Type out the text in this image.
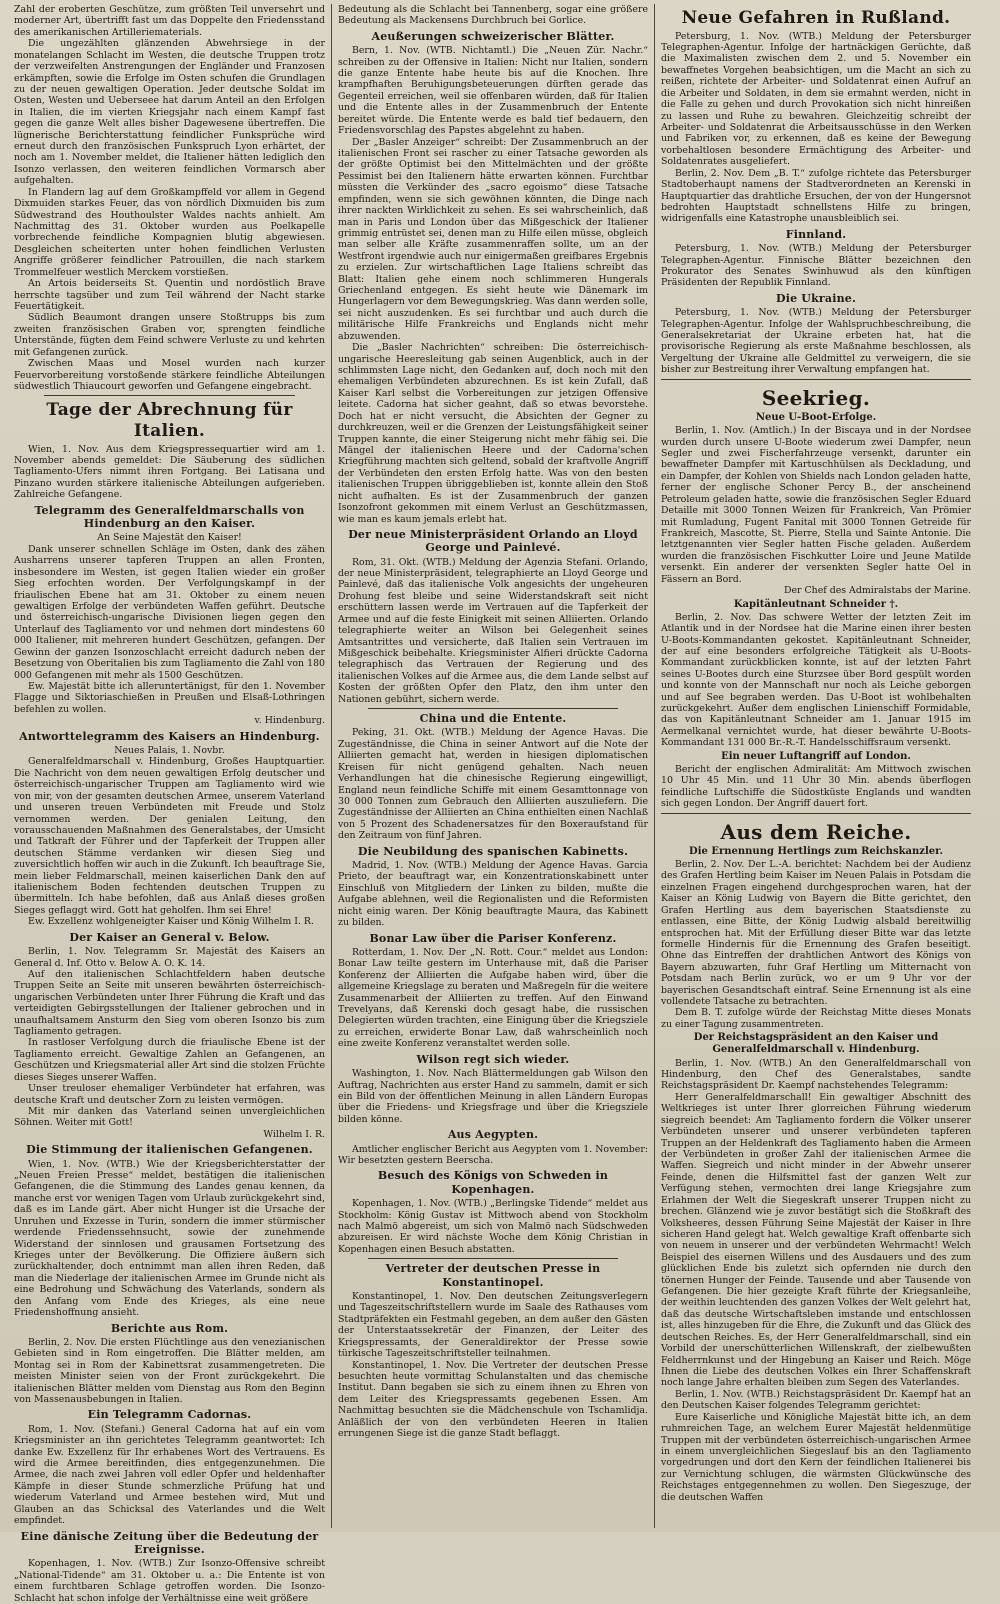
Zahl der eroberten Geschütze, zum größten Teil unversehrt und moderner Art, übertrifft fast um das Doppelte den Friedensstand des amerikanischen Artilleriematerials.

Die ungezählten glänzenden Abwehrsiege in der monatelangen Schlacht im Westen, die deutsche Truppen trotz der verzweifelten Anstrengungen der Engländer und Franzosen erkämpften, sowie die Erfolge im Osten schufen die Grundlagen zu der neuen gewaltigen Operation. Jeder deutsche Soldat im Osten, Westen und Ueberseee hat darum Anteil an den Erfolgen in Italien, die im vierten Kriegsjahr nach einem Kampf fast gegen die ganze Welt alles bisher Dagewesene übertreffen. Die lügnerische Berichterstattung feindlicher Funksprüche wird erneut durch den französischen Funkspruch Lyon erhärtet, der noch am 1. November meldet, die Italiener hätten lediglich den Isonzo verlassen, den weiteren feindlichen Vormarsch aber aufgehalten.

In Flandern lag auf dem Großkampffeld vor allem in Gegend Dixmuiden starkes Feuer, das von nördlich Dixmuiden bis zum Südwestrand des Houthoulster Waldes nachts anhielt. Am Nachmittag des 31. Oktober wurden aus Poelkapelle vorbrechende feindliche Kompagnien blutig abgewiesen. Desgleichen scheiterten unter hohen feindlichen Verlusten Angriffe größerer feindlicher Patrouillen, die nach starkem Trommelfeuer westlich Merckem vorstießen.

An Artois beiderseits St. Quentin und nordöstlich Brave herrschte tagsüber und zum Teil während der Nacht starke Feuertätigkeit.

Südlich Beaumont drangen unsere Stoßtrupps bis zum zweiten französischen Graben vor, sprengten feindliche Unterstände, fügten dem Feind schwere Verluste zu und kehrten mit Gefangenen zurück.

Zwischen Maas und Mosel wurden nach kurzer Feuervorbereitung vorstoßende stärkere feindliche Abteilungen südwestlich Thiaucourt geworfen und Gefangene eingebracht.

Tage der Abrechnung für Italien.

Wien, 1. Nov. Aus dem Kriegspressequartier wird am 1. November abends gemeldet: Die Säuberung des südlichen Tagliamento-Ufers nimmt ihren Fortgang. Bei Latisana und Pinzano wurden stärkere italienische Abteilungen aufgerieben. Zahlreiche Gefangene.

Telegramm des Generalfeldmarschalls von Hindenburg an den Kaiser.

An Seine Majestät den Kaiser!

Dank unserer schnellen Schläge im Osten, dank des zähen Ausharrens unserer tapferen Truppen an allen Fronten, insbesondere im Westen, ist gegen Italien wieder ein großer Sieg erfochten worden. Der Verfolgungskampf in der friaulischen Ebene hat am 31. Oktober zu einem neuen gewaltigen Erfolge der verbündeten Waffen geführt. Deutsche und österreichisch-ungarische Divisionen liegen gegen den Unterlauf des Tagliamento vor und nehmen dort mindestens 60 000 Italiener, mit mehreren hundert Geschützen, gefangen. Der Gewinn der ganzen Isonzoschlacht erreicht dadurch neben der Besetzung von Oberitalien bis zum Tagliamento die Zahl von 180 000 Gefangenen mit mehr als 1500 Geschützen.

Ew. Majestät bitte ich alleruntertänigst, für den 1. November Flagge und Siktoriaschießen in Preußen und Elsaß-Lothringen befehlen zu wollen.

v. Hindenburg.

Antworttelegramm des Kaisers an Hindenburg.

Neues Palais, 1. Novbr.

Generalfeldmarschall v. Hindenburg, Großes Hauptquartier. Die Nachricht von dem neuen gewaltigen Erfolg deutscher und österreichisch-ungarischer Truppen am Tagliamento wird wie von mir, von der gesamten deutschen Armee, unserem Vaterland und unseren treuen Verbündeten mit Freude und Stolz vernommen werden. Der genialen Leitung, den vorausschauenden Maßnahmen des Generalstabes, der Umsicht und Tatkraft der Führer und der Tapferkeit der Truppen aller deutschen Stämme verdanken wir diesen Sieg und zuversichtlich hoffen wir auch in die Zukunft. Ich beauftrage Sie, mein lieber Feldmarschall, meinen kaiserlichen Dank den auf italienischem Boden fechtenden deutschen Truppen zu übermitteln. Ich habe befohlen, daß aus Anlaß dieses großen Sieges geflaggt wird. Gott hat geholfen. Ihm sei Ehre!

Ew. Exzellenz wohlgeneigter Kaiser und König Wilhelm I. R.

Der Kaiser an General v. Below.

Berlin, 1. Nov. Telegramm Sr. Majestät des Kaisers an General d. Inf. Otto v. Below A. O. K. 14.

Auf den italienischen Schlachtfeldern haben deutsche Truppen Seite an Seite mit unseren bewährten österreichisch-ungarischen Verbündeten unter Ihrer Führung die Kraft und das verteidigten Gebirgsstellungen der Italiener gebrochen und in unaufhaltsamem Ansturm den Sieg vom oberen Isonzo bis zum Tagliamento getragen.

In rastloser Verfolgung durch die friaulische Ebene ist der Tagliamento erreicht. Gewaltige Zahlen an Gefangenen, an Geschützen und Kriegsmaterial aller Art sind die stolzen Früchte dieses Sieges unserer Waffen.

Unser treuloser ehemaliger Verbündeter hat erfahren, was deutsche Kraft und deutscher Zorn zu leisten vermögen.

Mit mir danken das Vaterland seinen unvergleichlichen Söhnen. Weiter mit Gott!

Wilhelm I. R.

Die Stimmung der italienischen Gefangenen.

Wien, 1. Nov. (WTB.) Wie der Kriegsberichterstatter der „Neuen Freien Presse“ meldet, bestätigen die italienischen Gefangenen, die die Stimmung des Landes genau kennen, da manche erst vor wenigen Tagen vom Urlaub zurückgekehrt sind, daß es im Lande gärt. Aber nicht Hunger ist die Ursache der Unruhen und Exzesse in Turin, sondern die immer stürmischer werdende Friedenssehnsucht, sowie der zunehmende Widerstand der sinnlosen und grausamen Fortsetzung des Krieges unter der Bevölkerung. Die Offiziere äußern sich zurückhaltender, doch entnimmt man allen ihren Reden, daß man die Niederlage der italienischen Armee im Grunde nicht als eine Bedrohung und Schwächung des Vaterlands, sondern als den Anfang vom Ende des Krieges, als eine neue Friedenshoffnung ansieht.

Berichte aus Rom.

Berlin, 2. Nov. Die ersten Flüchtlinge aus den venezianischen Gebieten sind in Rom eingetroffen. Die Blätter melden, am Montag sei in Rom der Kabinettsrat zusammengetreten. Die meisten Minister seien von der Front zurückgekehrt. Die italienischen Blätter melden vom Dienstag aus Rom den Beginn von Massenausbebungen in Italien.

Ein Telegramm Cadornas.

Rom, 1. Nov. (Stefani.) General Cadorna hat auf ein vom Kriegsminister an ihn gerichtetes Telegramm geantwortet: Ich danke Ew. Exzellenz für Ihr erhabenes Wort des Vertrauens. Es wird die Armee bereitfinden, dies entgegenzunehmen. Die Armee, die nach zwei Jahren voll edler Opfer und heldenhafter Kämpfe in dieser Stunde schmerzliche Prüfung hat und wiederum Vaterland und Armee bestehen wird, Mut und Glauben an das Schicksal des Vaterlandes und die Welt empfindet.

Eine dänische Zeitung über die Bedeutung der Ereignisse.

Kopenhagen, 1. Nov. (WTB.) Zur Isonzo-Offensive schreibt „National-Tidende“ am 31. Oktober u. a.: Die Entente ist von einem furchtbaren Schlage getroffen worden. Die Isonzo-Schlacht hat schon infolge der Verhältnisse eine weit größere

Bedeutung als die Schlacht bei Tannenberg, sogar eine größere Bedeutung als Mackensens Durchbruch bei Gorlice.

Aeußerungen schweizerischer Blätter.

Bern, 1. Nov. (WTB. Nichtamtl.) Die „Neuen Zür. Nachr.“ schreiben zu der Offensive in Italien: Nicht nur Italien, sondern die ganze Entente habe heute bis auf die Knochen. Ihre krampfhaften Beruhigungsbeteuerungen dürften gerade das Gegenteil erreichen, weil sie offenbaren würden, daß für Italien und die Entente alles in der Zusammenbruch der Entente bereitet würde. Die Entente werde es bald tief bedauern, den Friedensvorschlag des Papstes abgelehnt zu haben.

Der „Basler Anzeiger“ schreibt: Der Zusammenbruch an der italienischen Front sei rascher zu einer Tatsache geworden als der größte Optimist bei den Mittelmächten und der größte Pessimist bei den Italienern hätte erwarten können. Furchtbar müssten die Verkünder des „sacro egoismo“ diese Tatsache empfinden, wenn sie sich gewöhnen könnten, die Dinge nach ihrer nackten Wirklichkeit zu sehen. Es sei wahrscheinlich, daß man in Paris und London über das Mißgeschick der Italiener grimmig entrüstet sei, denen man zu Hilfe eilen müsse, obgleich man selber alle Kräfte zusammenraffen sollte, um an der Westfront irgendwie auch nur einigermaßen greifbares Ergebnis zu erzielen. Zur wirtschaftlichen Lage Italiens schreibt das Blatt: Italien gehe einem noch schlimmeren Hungerals Griechenland entgegen. Es sieht heute wie Dänemark im Hungerlagern vor dem Bewegungskrieg. Was dann werden solle, sei nicht auszudenken. Es sei furchtbar und auch durch die militärische Hilfe Frankreichs und Englands nicht mehr abzuwenden.

Die „Basler Nachrichten“ schreiben: Die österreichisch-ungarische Heeresleitung gab seinen Augenblick, auch in der schlimmsten Lage nicht, den Gedanken auf, doch noch mit den ehemaligen Verbündeten abzurechnen. Es ist kein Zufall, daß Kaiser Karl selbst die Vorbereitungen zur jetzigen Offensive leitete. Cadorna hat sicher geahnt, daß so etwas bevorstehe. Doch hat er nicht versucht, die Absichten der Gegner zu durchkreuzen, weil er die Grenzen der Leistungsfähigkeit seiner Truppen kannte, die einer Steigerung nicht mehr fähig sei. Die Mängel der italienischen Heere und der Cadorna'schen Kriegführung machten sich geltend, sobald der kraftvolle Angriff der Verbündeten den ersten Erfolg hatte. Was von den besten italienischen Truppen übriggeblieben ist, konnte allein den Stoß nicht aufhalten. Es ist der Zusammenbruch der ganzen Isonzofront gekommen mit einem Verlust an Geschützmassen, wie man es kaum jemals erlebt hat.

Der neue Ministerpräsident Orlando an Lloyd George und Painlevé.

Rom, 31. Okt. (WTB.) Meldung der Agenzia Stefani. Orlando, der neue Ministerpräsident, telegraphierte an Lloyd George und Painlevé, daß das italienische Volk angesichts der ungeheuren Drohung fest bleibe und seine Widerstandskraft seit nicht erschüttern lassen werde im Vertrauen auf die Tapferkeit der Armee und auf die feste Einigkeit mit seinen Alliierten. Orlando telegraphierte weiter an Wilson bei Gelegenheit seines Amtsantrittes und versicherte, daß Italien sein Vertrauen im Mißgeschick beibehalte. Kriegsminister Alfieri drückte Cadorna telegraphisch das Vertrauen der Regierung und des italienischen Volkes auf die Armee aus, die dem Lande selbst auf Kosten der größten Opfer den Platz, den ihm unter den Nationen gebührt, sichern werde.

China und die Entente.

Peking, 31. Okt. (WTB.) Meldung der Agence Havas. Die Zugeständnisse, die China in seiner Antwort auf die Note der Alliierten gemacht hat, werden in hiesigen diplomatischen Kreisen für nicht genügend gehalten. Nach neuen Verhandlungen hat die chinesische Regierung eingewilligt, England neun feindliche Schiffe mit einem Gesamttonnage von 30 000 Tonnen zum Gebrauch den Alliierten auszuliefern. Die Zugeständnisse der Alliierten an China enthielten einen Nachlaß von 5 Prozent des Schadenersatzes für den Boxeraufstand für den Zeitraum von fünf Jahren.

Die Neubildung des spanischen Kabinetts.

Madrid, 1. Nov. (WTB.) Meldung der Agence Havas. Garcia Prieto, der beauftragt war, ein Konzentrationskabinett unter Einschluß von Mitgliedern der Linken zu bilden, mußte die Aufgabe ablehnen, weil die Regionalisten und die Reformisten nicht einig waren. Der König beauftragte Maura, das Kabinett zu bilden.

Bonar Law über die Pariser Konferenz.

Rotterdam, 1. Nov. Der „N. Rott. Cour.“ meldet aus London: Bonar Law teilte gestern im Unterhause mit, daß die Pariser Konferenz der Alliierten die Aufgabe haben wird, über die allgemeine Kriegslage zu beraten und Maßregeln für die weitere Zusammenarbeit der Alliierten zu treffen. Auf den Einwand Trevelyans, daß Kerenski doch gesagt habe, die russischen Delegierten würden trachten, eine Einigung über die Kriegsziele zu erreichen, erwiderte Bonar Law, daß wahrscheinlich noch eine zweite Konferenz veranstaltet werden solle.

Wilson regt sich wieder.

Washington, 1. Nov. Nach Blättermeldungen gab Wilson den Auftrag, Nachrichten aus erster Hand zu sammeln, damit er sich ein Bild von der öffentlichen Meinung in allen Ländern Europas über die Friedens- und Kriegsfrage und über die Kriegsziele bilden könne.

Aus Aegypten.

Amtlicher englischer Bericht aus Aegypten vom 1. November: Wir besetzten gestern Beerscha.

Besuch des Königs von Schweden in Kopenhagen.

Kopenhagen, 1. Nov. (WTB.) „Berlingske Tidende“ meldet aus Stockholm: König Gustav ist Mittwoch abend von Stockholm nach Malmö abgereist, um sich von Malmö nach Südschweden abzureisen. Er wird nächste Woche dem König Christian in Kopenhagen einen Besuch abstatten.

Vertreter der deutschen Presse in Konstantinopel.

Konstantinopel, 1. Nov. Den deutschen Zeitungsverlegern und Tageszeitschriftstellern wurde im Saale des Rathauses vom Stadtpräfekten ein Festmahl gegeben, an dem außer den Gästen der Unterstaatssekretär der Finanzen, der Leiter des Kriegspressamts, der Generaldirektor der Presse sowie türkische Tageszeitschriftsteller teilnahmen.

Konstantinopel, 1. Nov. Die Vertreter der deutschen Presse besuchten heute vormittag Schulanstalten und das chemische Institut. Dann begaben sie sich zu einem ihnen zu Ehren von dem Leiter des Kriegspressamts gegebenen Essen. Am Nachmittag besuchten sie die Mädchenschule von Tschamlidja. Anläßlich der von den verbündeten Heeren in Italien errungenen Siege ist die ganze Stadt beflaggt.

Neue Gefahren in Rußland.

Petersburg, 1. Nov. (WTB.) Meldung der Petersburger Telegraphen-Agentur. Infolge der hartnäckigen Gerüchte, daß die Maximalisten zwischen dem 2. und 5. November ein bewaffnetes Vorgehen beabsichtigen, um die Macht an sich zu reißen, richtete der Arbeiter- und Soldatenrat einen Aufruf an die Arbeiter und Soldaten, in dem sie ermahnt werden, nicht in die Falle zu gehen und durch Provokation sich nicht hinreißen zu lassen und Ruhe zu bewahren. Gleichzeitig schreibt der Arbeiter- und Soldatenrat die Arbeitsausschüsse in den Werken und Fabriken vor, zu erkennen, daß es keine der Bewegung vorbehaltlosen besondere Ermächtigung des Arbeiter- und Soldatenrates ausgeliefert.

Berlin, 2. Nov. Dem „B. T.“ zufolge richtete das Petersburger Stadtoberhaupt namens der Stadtverordneten an Kerenski in Hauptquartier das drahtliche Ersuchen, der von der Hungersnot bedrohten Hauptstadt schnellstens Hilfe zu bringen, widrigenfalls eine Katastrophe unausbleiblich sei.

Finnland.

Petersburg, 1. Nov. (WTB.) Meldung der Petersburger Telegraphen-Agentur. Finnische Blätter bezeichnen den Prokurator des Senates Swinhuwud als den künftigen Präsidenten der Republik Finnland.

Die Ukraine.

Petersburg, 1. Nov. (WTB.) Meldung der Petersburger Telegraphen-Agentur. Infolge der Wahlspruchbeschreibung, die Generalsekretariat der Ukraine erbeten hat, hat die provisorische Regierung als erste Maßnahme beschlossen, als Vergeltung der Ukraine alle Geldmittel zu verweigern, die sie bisher zur Bestreitung ihrer Verwaltung empfangen hat.

Seekrieg.
Neue U-Boot-Erfolge.

Berlin, 1. Nov. (Amtlich.) In der Biscaya und in der Nordsee wurden durch unsere U-Boote wiederum zwei Dampfer, neun Segler und zwei Fischerfahrzeuge versenkt, darunter ein bewaffneter Dampfer mit Kartuschhülsen als Deckladung, und ein Dampfer, der Kohlen von Shields nach London geladen hatte, ferner der englische Schoner Percy B., der anscheinend Petroleum geladen hatte, sowie die französischen Segler Eduard Detaille mit 3000 Tonnen Weizen für Frankreich, Van Prömier mit Rumladung, Fugent Fanital mit 3000 Tonnen Getreide für Frankreich, Mascotte, St. Pierre, Stella und Sainte Antonie. Die letztgenannten vier Segler hatten Fische geladen. Außerdem wurden die französischen Fischkutter Loire und Jeune Matilde versenkt. Ein anderer der versenkten Segler hatte Oel in Fässern an Bord.

Der Chef des Admiralstabs der Marine.

Kapitänleutnant Schneider †.

Berlin, 2. Nov. Das schwere Wetter der letzten Zeit im Atlantik und in der Nordsee hat die Marine einen ihrer besten U-Boots-Kommandanten gekostet. Kapitänleutnant Schneider, der auf eine besonders erfolgreiche Tätigkeit als U-Boots-Kommandant zurückblicken konnte, ist auf der letzten Fahrt seines U-Bootes durch eine Sturzsee über Bord gespült worden und konnte von der Mannschaft nur noch als Leiche geborgen und auf See begraben werden. Das U-Boot ist wohlbehalten zurückgekehrt. Außer dem englischen Linienschiff Formidable, das von Kapitänleutnant Schneider am 1. Januar 1915 im Aermelkanal vernichtet wurde, hat dieser bewährte U-Boots-Kommandant 131 000 Br.-R.-T. Handelsschiffsraum versenkt.

Ein neuer Luftangriff auf London.

Bericht der englischen Admiralität: Am Mittwoch zwischen 10 Uhr 45 Min. und 11 Uhr 30 Min. abends überflogen feindliche Luftschiffe die Südostküste Englands und wandten sich gegen London. Der Angriff dauert fort.

Aus dem Reiche.
Die Ernennung Hertlings zum Reichskanzler.

Berlin, 2. Nov. Der L.-A. berichtet: Nachdem bei der Audienz des Grafen Hertling beim Kaiser im Neuen Palais in Potsdam die einzelnen Fragen eingehend durchgesprochen waren, hat der Kaiser an König Ludwig von Bayern die Bitte gerichtet, den Grafen Hertling aus dem bayerischen Staatsdienste zu entlassen, eine Bitte, der König Ludwig alsbald bereitwillig entsprochen hat. Mit der Erfüllung dieser Bitte war das letzte formelle Hindernis für die Ernennung des Grafen beseitigt. Ohne das Eintreffen der drahtlichen Antwort des Königs von Bayern abzuwarten, fuhr Graf Hertling um Mitternacht von Potsdam nach Berlin zurück, wo er um 9 Uhr vor der bayerischen Gesandtschaft eintraf. Seine Ernennung ist als eine vollendete Tatsache zu betrachten.

Dem B. T. zufolge würde der Reichstag Mitte dieses Monats zu einer Tagung zusammentreten.

Der Reichstagspräsident an den Kaiser und Generalfeldmarschall v. Hindenburg.

Berlin, 1. Nov. (WTB.) An den Generalfeldmarschall von Hindenburg, den Chef des Generalstabes, sandte Reichstagspräsident Dr. Kaempf nachstehendes Telegramm:

Herr Generalfeldmarschall! Ein gewaltiger Abschnitt des Weltkrieges ist unter Ihrer glorreichen Führung wiederum siegreich beendet: Am Tagliamento fordern die Völker unserer Verbündeten unserer und unserer verbündeten tapferen Truppen an der Heldenkraft des Tagliamento haben die Armeen der Verbündeten in großer Zahl der italienischen Armee die Waffen. Siegreich und nicht minder in der Abwehr unserer Feinde, denen die Hilfsmittel fast der ganzen Welt zur Verfügung stehen, vermochten drei lange Kriegsjahre zum Erlahmen der Welt die Siegeskraft unserer Truppen nicht zu brechen. Glänzend wie je zuvor bestätigt sich die Stoßkraft des Volksheeres, dessen Führung Seine Majestät der Kaiser in Ihre sicheren Hand gelegt hat. Welch gewaltige Kraft offenbarte sich von neuem in unserer und der verbündeten Wehrmacht! Welch Beispiel des eisernen Willens und des Ausdauers und des zum glücklichen Ende bis zuletzt sich opfernden nie durch den tönernen Hunger der Feinde. Tausende und aber Tausende von Gefangenen. Die hier gezeigte Kraft führte der Kriegsanleihe, der weithin leuchtenden des ganzen Volkes der Welt gelehrt hat, daß das deutsche Wirtschaftsleben imstande und entschlossen ist, alles hinzugeben für die Ehre, die Zukunft und das Glück des deutschen Reiches. Es, der Herr Generalfeldmarschall, sind ein Vorbild der unerschütterlichen Willenskraft, der zielbewußten Feldherrnkunst und der Hingebung an Kaiser und Reich. Möge Ihnen die Liebe des deutschen Volkes ein Ihrer Schaffenskraft noch lange Jahre erhalten bleiben zum Segen des Vaterlandes.

Berlin, 1. Nov. (WTB.) Reichstagspräsident Dr. Kaempf hat an den Deutschen Kaiser folgendes Telegramm gerichtet:

Eure Kaiserliche und Königliche Majestät bitte ich, an dem ruhmreichen Tage, an welchem Eurer Majestät heldenmütige Truppen mit der verbündeten österreichisch-ungarischen Armee in einem unvergleichlichen Siegeslauf bis an den Tagliamento vorgedrungen und dort den Kern der feindlichen Italienerei bis zur Vernichtung schlugen, die wärmsten Glückwünsche des Reichstages entgegennehmen zu wollen. Den Siegeszuge, der die deutschen Waffen
